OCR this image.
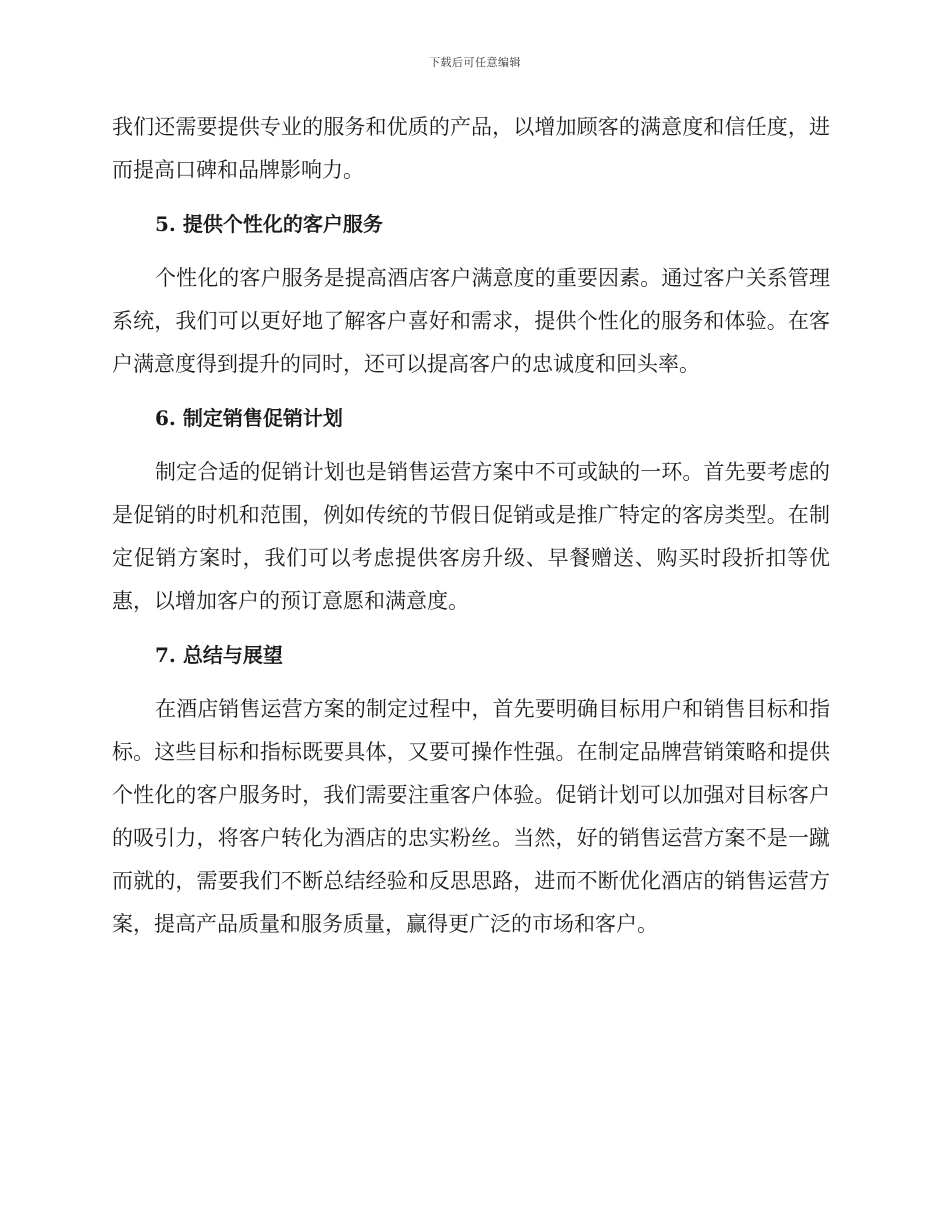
下载后可任意编辑

我们还需要提供专业的服务和优质的产品，以增加顾客的满意度和信任度，进而提高口碑和品牌影响力。

5. 提供个性化的客户服务

个性化的客户服务是提高酒店客户满意度的重要因素。通过客户关系管理系统，我们可以更好地了解客户喜好和需求，提供个性化的服务和体验。在客户满意度得到提升的同时，还可以提高客户的忠诚度和回头率。

6. 制定销售促销计划

制定合适的促销计划也是销售运营方案中不可或缺的一环。首先要考虑的是促销的时机和范围，例如传统的节假日促销或是推广特定的客房类型。在制定促销方案时，我们可以考虑提供客房升级、早餐赠送、购买时段折扣等优惠，以增加客户的预订意愿和满意度。

7. 总结与展望

在酒店销售运营方案的制定过程中，首先要明确目标用户和销售目标和指标。这些目标和指标既要具体，又要可操作性强。在制定品牌营销策略和提供个性化的客户服务时，我们需要注重客户体验。促销计划可以加强对目标客户的吸引力，将客户转化为酒店的忠实粉丝。当然，好的销售运营方案不是一蹴而就的，需要我们不断总结经验和反思思路，进而不断优化酒店的销售运营方案，提高产品质量和服务质量，赢得更广泛的市场和客户。
